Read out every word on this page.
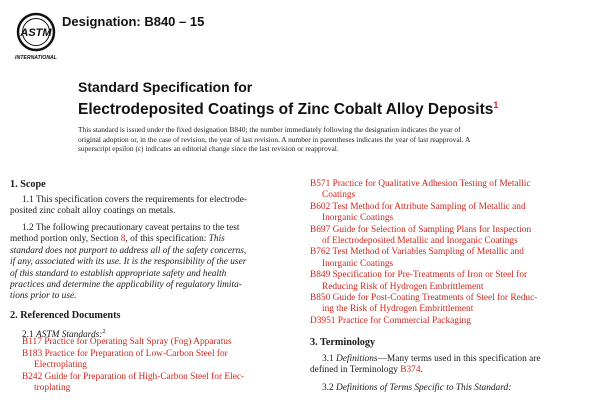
ASTM
INTERNATIONAL
Designation: B840 – 15
Standard Specification for
Electrodeposited Coatings of Zinc Cobalt Alloy Deposits$^1$
This standard is issued under the fixed designation B840; the number immediately following the designation indicates the year of
original adoption or, in the case of revision, the year of last revision. A number in parentheses indicates the year of last reapproval. A
superscript epsilon (ε) indicates an editorial change since the last revision or reapproval.
1. Scope
1.1 This specification covers the requirements for electrode-
posited zinc cobalt alloy coatings on metals.
1.2 The following precautionary caveat pertains to the test
method portion only, Section 8, of this specification: This
standard does not purport to address all of the safety concerns,
if any, associated with its use. It is the responsibility of the user
of this standard to establish appropriate safety and health
practices and determine the applicability of regulatory limita-
tions prior to use.
2. Referenced Documents
2.1 ASTM Standards:$^2$
B117 Practice for Operating Salt Spray (Fog) Apparatus
B183 Practice for Preparation of Low-Carbon Steel for
Electroplating
B242 Guide for Preparation of High-Carbon Steel for Elec-
troplating
B571 Practice for Qualitative Adhesion Testing of Metallic
Coatings
B602 Test Method for Attribute Sampling of Metallic and
Inorganic Coatings
B697 Guide for Selection of Sampling Plans for Inspection
of Electrodeposited Metallic and Inorganic Coatings
B762 Test Method of Variables Sampling of Metallic and
Inorganic Coatings
B849 Specification for Pre-Treatments of Iron or Steel for
Reducing Risk of Hydrogen Embrittlement
B850 Guide for Post-Coating Treatments of Steel for Reduc-
ing the Risk of Hydrogen Embrittlement
D3951 Practice for Commercial Packaging
3. Terminology
3.1 Definitions—Many terms used in this specification are
defined in Terminology B374.
3.2 Definitions of Terms Specific to This Standard:
